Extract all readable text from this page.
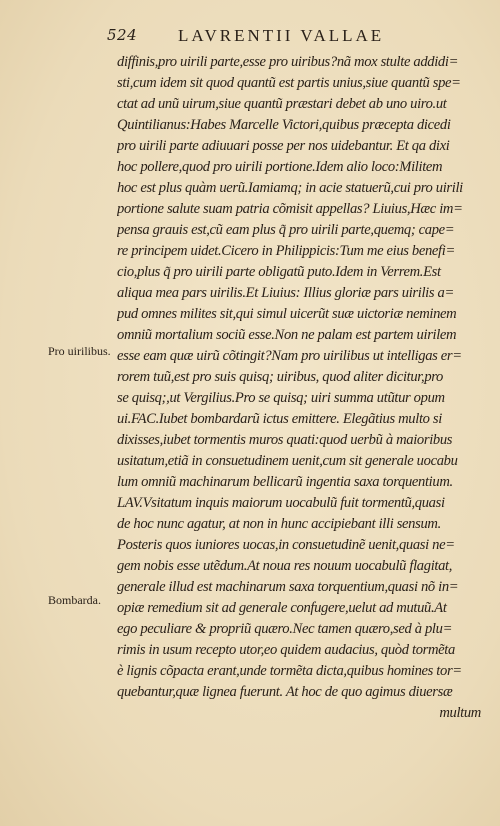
524 LAVRENTII VALLAE
Pro uirilibus.
Bombarda.
diffinis,pro uirili parte,esse pro uiribus?nã mox stulte addidi=
sti,cum idem sit quod quantũ est partis unius,siue quantũ spe=
ctat ad unũ uirum,siue quantũ præstari debet ab uno uiro.ut
Quintilianus:Habes Marcelle Victori,quibus præcepta dicedi
pro uirili parte adiuuari posse per nos uidebantur. Et qa dixi
hoc pollere,quod pro uirili portione.Idem alio loco:Militem
hoc est plus quàm uerũ.Iamiamq; in acie statuerũ,cui pro uirili
portione salute suam patria cõmisit appellas? Liuius,Hæc im=
pensa grauis est,cũ eam plus q̃ pro uirili parte,quemq; cape=
re principem uidet.Cicero in Philippicis:Tum me eius benefi=
cio,plus q̃ pro uirili parte obligatũ puto.Idem in Verrem.Est
aliqua mea pars uirilis.Et Liuius: Illius gloriæ pars uirilis a=
pud omnes milites sit,qui simul uicerũt suæ uictoriæ neminem
omniũ mortalium sociũ esse.Non ne palam est partem uirilem
esse eam quæ uirũ cõtingit?Nam pro uirilibus ut intelligas er=
rorem tuũ,est pro suis quisq; uiribus, quod aliter dicitur,pro
se quisq;,ut Vergilius.Pro se quisq; uiri summa utũtur opum
ui.FAC.Iubet bombardarũ ictus emittere. Elegãtius multo si
dixisses,iubet tormentis muros quati:quod uerbũ à maioribus
usitatum,etiã in consuetudinem uenit,cum sit generale uocabu
lum omniũ machinarum bellicarũ ingentia saxa torquentium.
LAV.Vsitatum inquis maiorum uocabulũ fuit tormentũ,quasi
de hoc nunc agatur, at non in hunc accipiebant illi sensum.
Posteris quos iuniores uocas,in consuetudinẽ uenit,quasi ne=
gem nobis esse utẽdum.At noua res nouum uocabulũ flagitat,
generale illud est machinarum saxa torquentium,quasi nõ in=
opiæ remedium sit ad generale confugere,uelut ad mutuũ.At
ego peculiare & propriũ quæro.Nec tamen quæro,sed à plu=
rimis in usum recepto utor,eo quidem audacius, quòd tormẽta
è lignis cõpacta erant,unde tormẽta dicta,quibus homines tor=
quebantur,quæ lignea fuerunt. At hoc de quo agimus diuersæ
multum
